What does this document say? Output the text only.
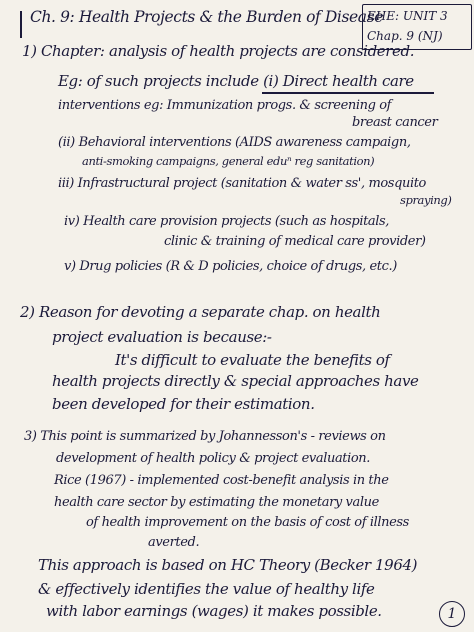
Ch. 9: Health Projects & the Burden of Disease
EHE: UNIT 3
Chap. 9 (NJ)
1) Chapter: analysis of health projects are considered.
Eg: of such projects include (i) Direct health care
interventions eg: Immunization progs. & screening of
breast cancer
(ii) Behavioral interventions (AIDS awareness campaign,
anti-smoking campaigns, general eduⁿ reg sanitation)
iii) Infrastructural project (sanitation & water ss', mosquito
spraying)
iv) Health care provision projects (such as hospitals,
clinic & training of medical care provider)
v) Drug policies (R & D policies, choice of drugs, etc.)
2) Reason for devoting a separate chap. on health
project evaluation is because:-
It's difficult to evaluate the benefits of
health projects directly & special approaches have
been developed for their estimation.
3) This point is summarized by Johannesson's - reviews on
development of health policy & project evaluation.
Rice (1967) - implemented cost-benefit analysis in the
health care sector by estimating the monetary value
of health improvement on the basis of cost of illness
averted.
This approach is based on HC Theory (Becker 1964)
& effectively identifies the value of healthy life
with labor earnings (wages) it makes possible.	1
